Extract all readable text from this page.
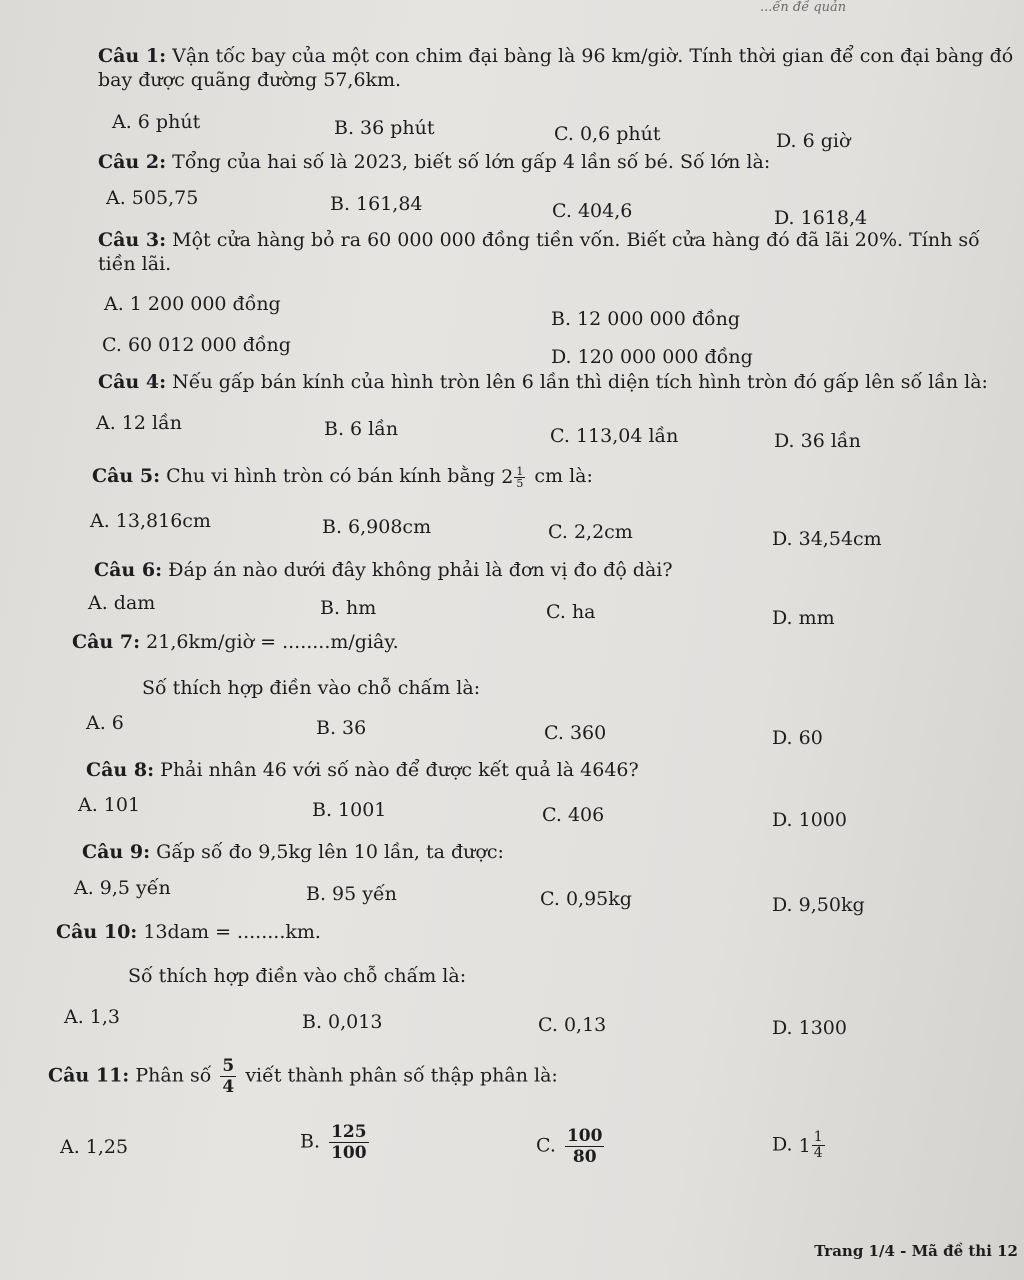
...ến đề quản
Câu 1: Vận tốc bay của một con chim đại bàng là 96 km/giờ. Tính thời gian để con đại bàng đó bay được quãng đường 57,6km.
A. 6 phút	B. 36 phút	C. 0,6 phút	D. 6 giờ
Câu 2: Tổng của hai số là 2023, biết số lớn gấp 4 lần số bé. Số lớn là:
A. 505,75	B. 161,84	C. 404,6	D. 1618,4
Câu 3: Một cửa hàng bỏ ra 60 000 000 đồng tiền vốn. Biết cửa hàng đó đã lãi 20%. Tính số tiền lãi.
A. 1 200 000 đồng
B. 12 000 000 đồng
C. 60 012 000 đồng
D. 120 000 000 đồng
Câu 4: Nếu gấp bán kính của hình tròn lên 6 lần thì diện tích hình tròn đó gấp lên số lần là:
A. 12 lần	B. 6 lần	C. 113,04 lần	D. 36 lần
Câu 5: Chu vi hình tròn có bán kính bằng $2 \frac{1}{5}$ cm là:
A. 13,816cm	B. 6,908cm	C. 2,2cm	D. 34,54cm
Câu 6: Đáp án nào dưới đây không phải là đơn vị đo độ dài?
A. dam	B. hm	C. ha	D. mm
Câu 7: 21,6km/giờ = ........m/giây.
Số thích hợp điền vào chỗ chấm là:
A. 6	B. 36	C. 360	D. 60
Câu 8: Phải nhân 46 với số nào để được kết quả là 4646?
A. 101	B. 1001	C. 406	D. 1000
Câu 9: Gấp số đo 9,5kg lên 10 lần, ta được:
A. 9,5 yến	B. 95 yến	C. 0,95kg	D. 9,50kg
Câu 10: 13dam = ........km.
Số thích hợp điền vào chỗ chấm là:
A. 1,3	B. 0,013	C. 0,13	D. 1300
Câu 11: Phân số $\frac{5}{4}$ viết thành phân số thập phân là:
A. 1,25	B. $\frac{125}{100}$	C. $\frac{100}{80}$	D. $1 \frac{1}{4}$
Trang 1/4 - Mã đề thi 12
